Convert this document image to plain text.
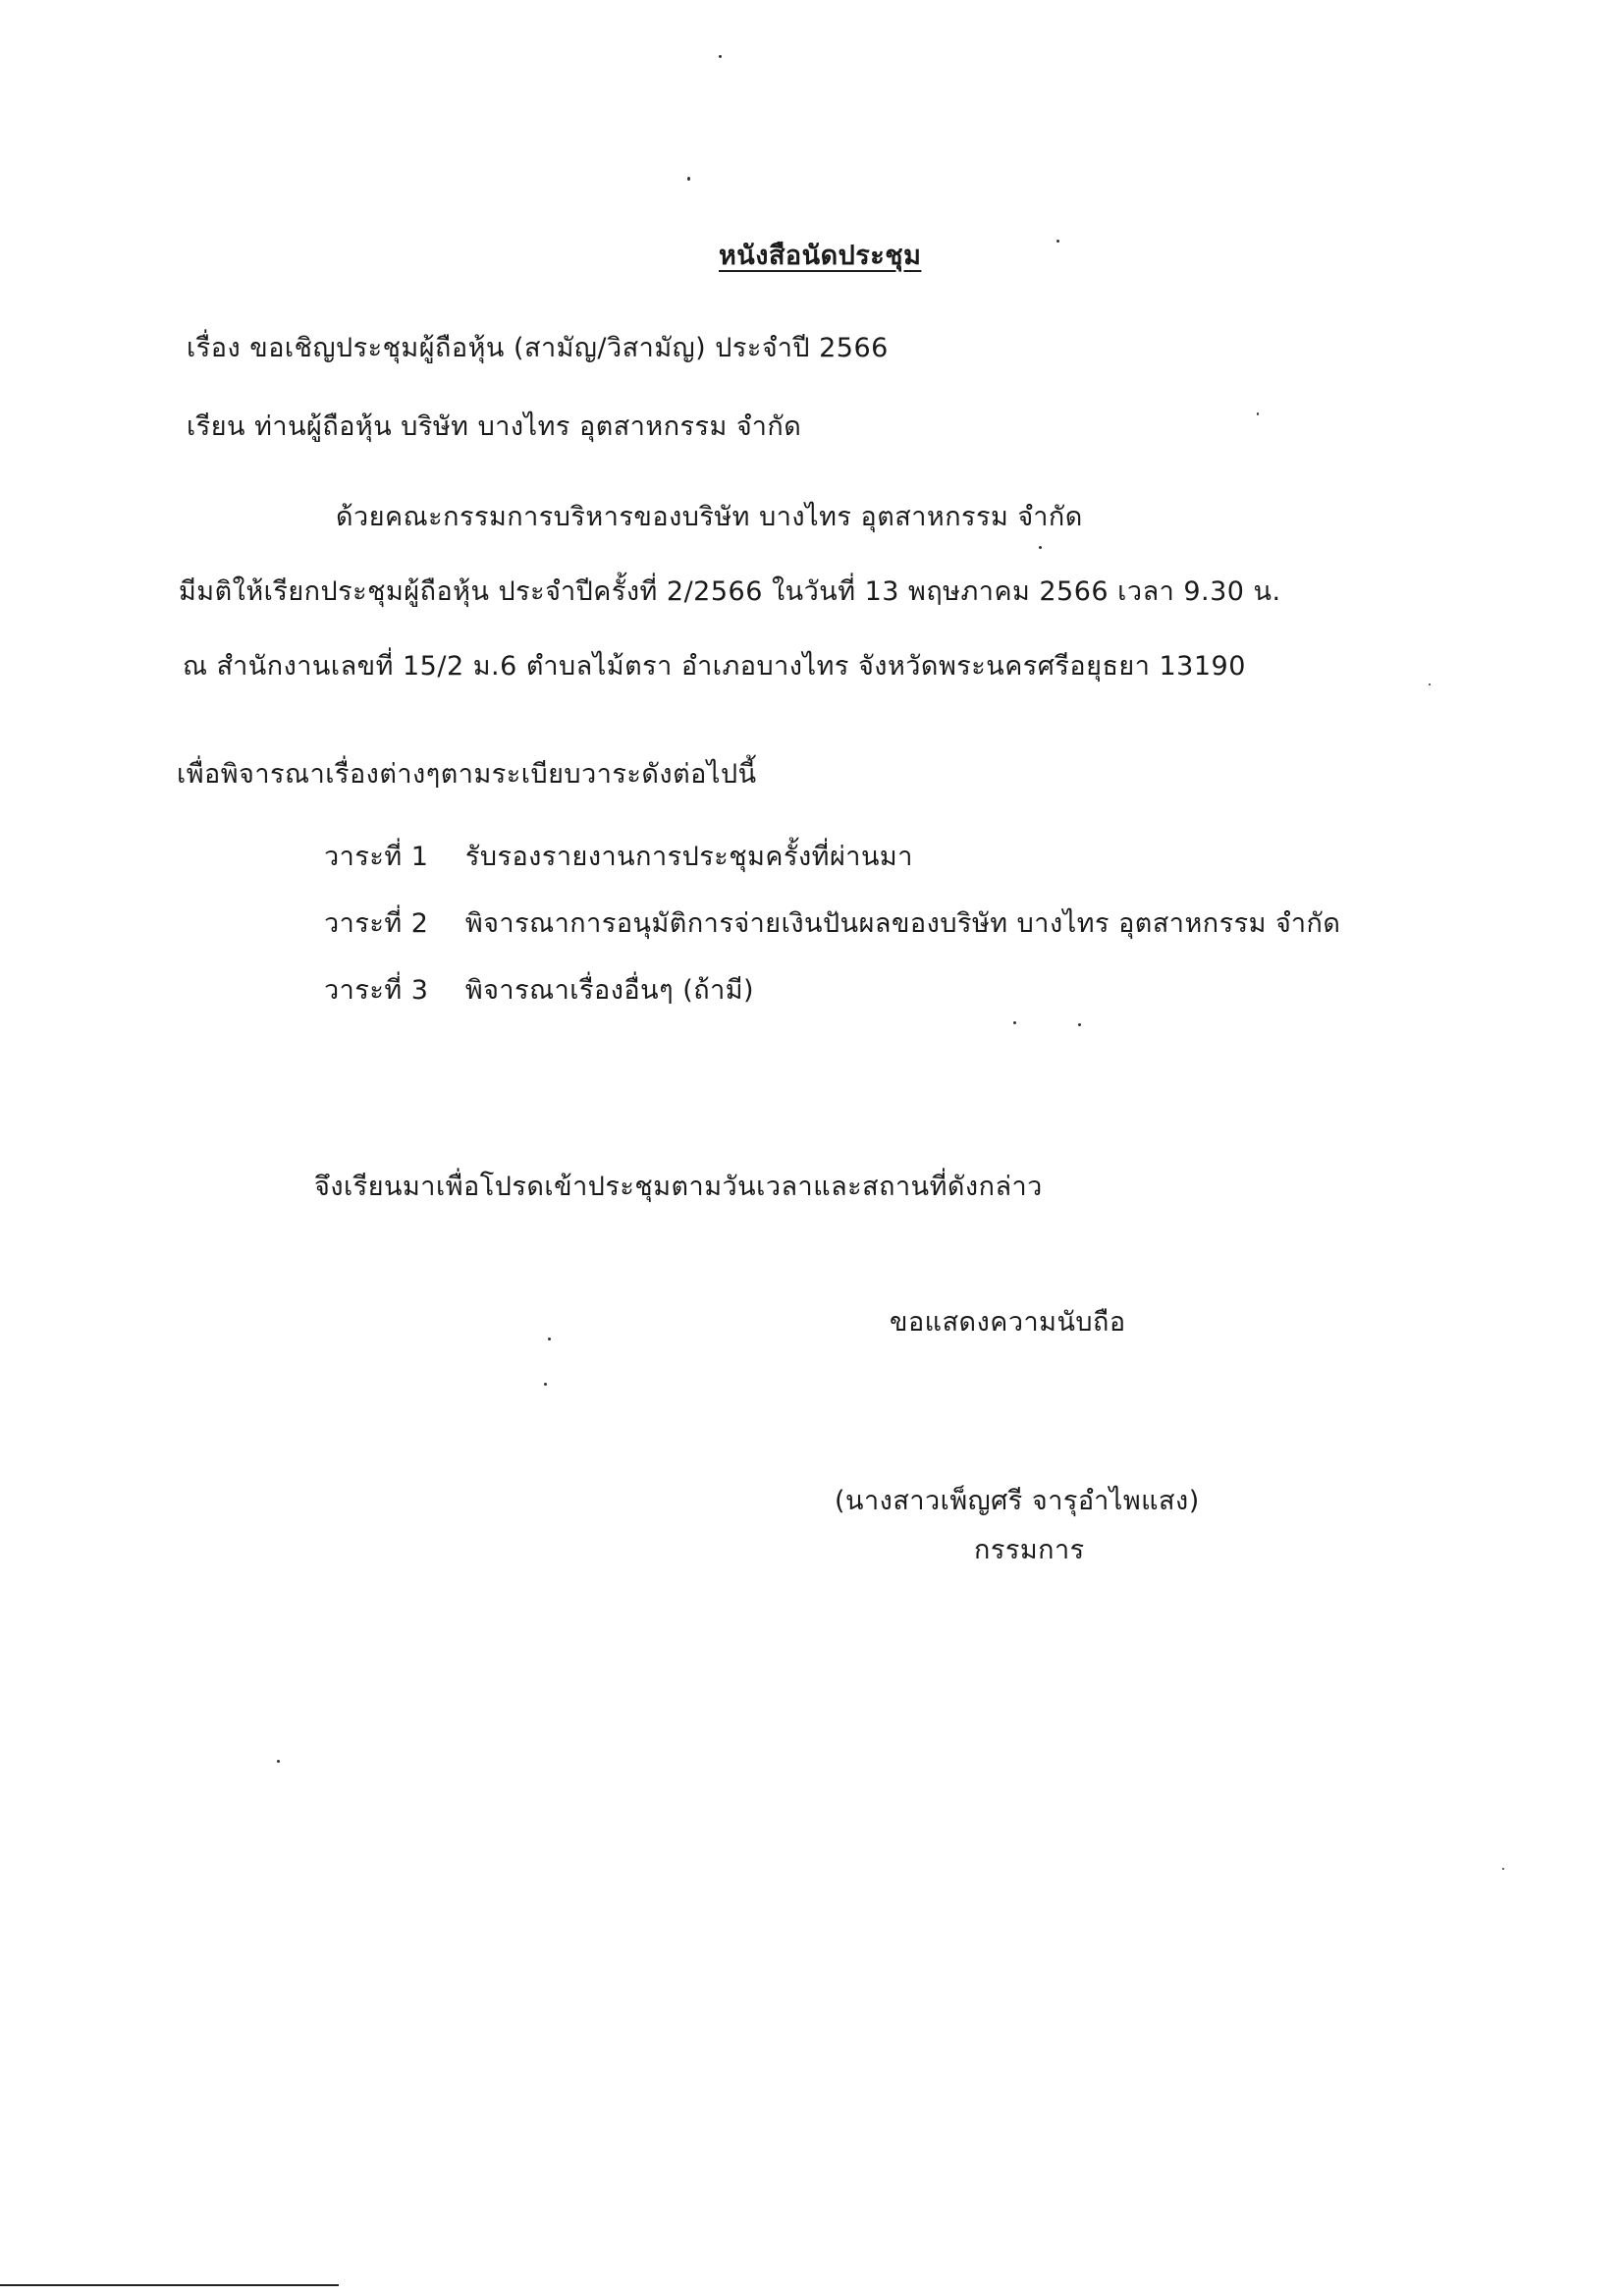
หนังสือนัดประชุม
เรื่อง ขอเชิญประชุมผู้ถือหุ้น (สามัญ/วิสามัญ) ประจำปี 2566
เรียน ท่านผู้ถือหุ้น บริษัท บางไทร อุตสาหกรรม จำกัด
ด้วยคณะกรรมการบริหารของบริษัท บางไทร อุตสาหกรรม จำกัด
มีมติให้เรียกประชุมผู้ถือหุ้น ประจำปีครั้งที่ 2/2566 ในวันที่ 13 พฤษภาคม 2566 เวลา 9.30 น.
ณ สำนักงานเลขที่ 15/2 ม.6 ตำบลไม้ตรา อำเภอบางไทร จังหวัดพระนครศรีอยุธยา 13190
เพื่อพิจารณาเรื่องต่างๆตามระเบียบวาระดังต่อไปนี้
วาระที่ 1 รับรองรายงานการประชุมครั้งที่ผ่านมา
วาระที่ 2 พิจารณาการอนุมัติการจ่ายเงินปันผลของบริษัท บางไทร อุตสาหกรรม จำกัด
วาระที่ 3 พิจารณาเรื่องอื่นๆ (ถ้ามี)
จึงเรียนมาเพื่อโปรดเข้าประชุมตามวันเวลาและสถานที่ดังกล่าว
ขอแสดงความนับถือ
(นางสาวเพ็ญศรี จารุอำไพแสง)
กรรมการ
